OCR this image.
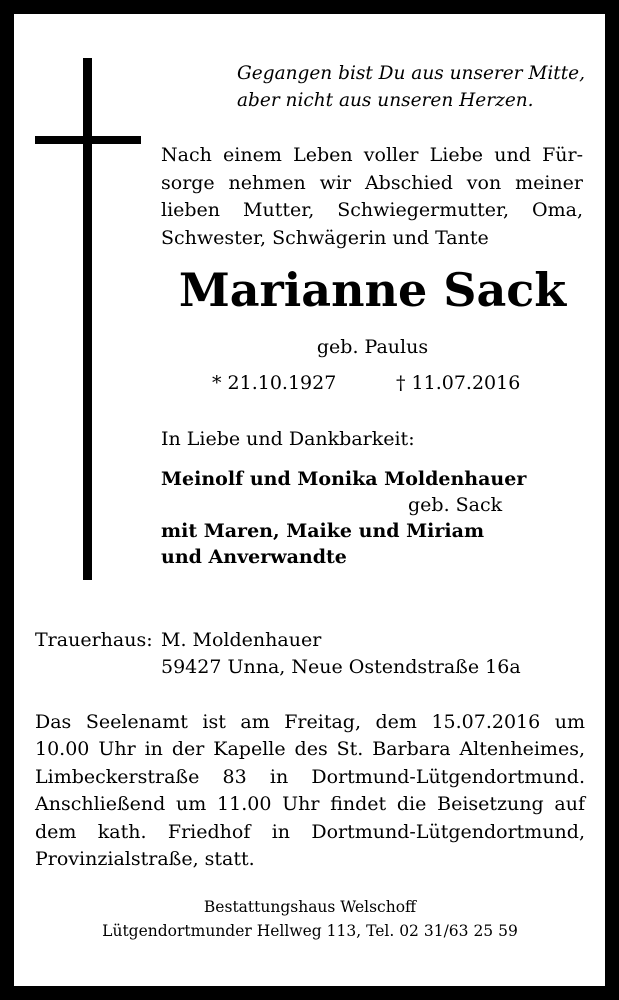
Gegangen bist Du aus unserer Mitte,
aber nicht aus unseren Herzen.
Nach einem Leben voller Liebe und Für-
sorge nehmen wir Abschied von meiner
lieben Mutter, Schwiegermutter, Oma,
Schwester, Schwägerin und Tante
Marianne Sack
geb. Paulus
* 21.10.1927	† 11.07.2016
In Liebe und Dankbarkeit:
Meinolf und Monika Moldenhauer
geb. Sack
mit Maren, Maike und Miriam
und Anverwandte
Trauerhaus: M. Moldenhauer
59427 Unna, Neue Ostendstraße 16a
Das Seelenamt ist am Freitag, dem 15.07.2016 um
10.00 Uhr in der Kapelle des St. Barbara Altenheimes,
Limbeckerstraße 83 in Dortmund-Lütgendortmund.
Anschließend um 11.00 Uhr findet die Beisetzung auf
dem kath. Friedhof in Dortmund-Lütgendortmund,
Provinzialstraße, statt.
Bestattungshaus Welschoff
Lütgendortmunder Hellweg 113, Tel. 02 31/63 25 59
